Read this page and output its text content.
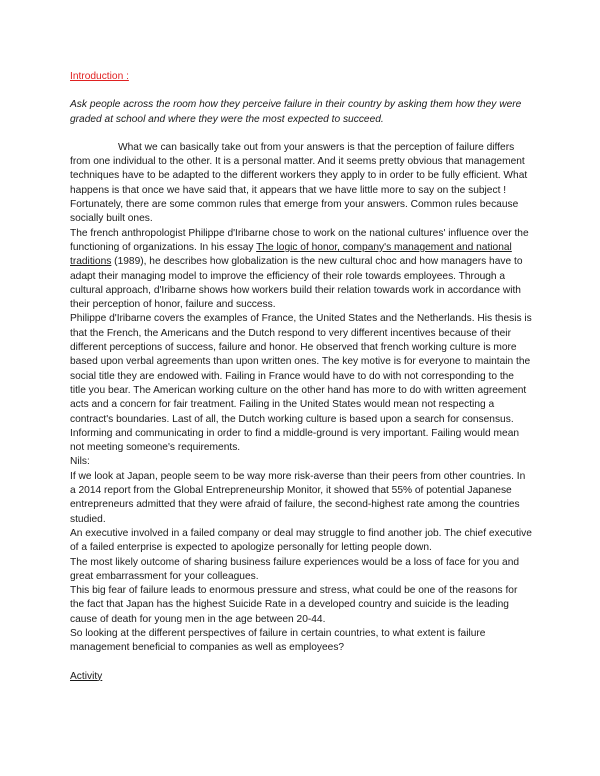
Introduction :

Ask people across the room how they perceive failure in their country by asking them how they were graded at school and where they were the most expected to succeed.

What we can basically take out from your answers is that the perception of failure differs from one individual to the other. It is a personal matter. And it seems pretty obvious that management techniques have to be adapted to the different workers they apply to in order to be fully efficient. What happens is that once we have said that, it appears that we have little more to say on the subject ! Fortunately, there are some common rules that emerge from your answers. Common rules because socially built ones.

The french anthropologist Philippe d'Iribarne chose to work on the national cultures' influence over the functioning of organizations. In his essay The logic of honor, company's management and national traditions (1989), he describes how globalization is the new cultural choc and how managers have to adapt their managing model to improve the efficiency of their role towards employees. Through a cultural approach, d'Iribarne shows how workers build their relation towards work in accordance with their perception of honor, failure and success.

Philippe d'Iribarne covers the examples of France, the United States and the Netherlands. His thesis is that the French, the Americans and the Dutch respond to very different incentives because of their different perceptions of success, failure and honor. He observed that french working culture is more based upon verbal agreements than upon written ones. The key motive is for everyone to maintain the social title they are endowed with. Failing in France would have to do with not corresponding to the title you bear. The American working culture on the other hand has more to do with written agreement acts and a concern for fair treatment. Failing in the United States would mean not respecting a contract's boundaries. Last of all, the Dutch working culture is based upon a search for consensus. Informing and communicating in order to find a middle-ground is very important. Failing would mean not meeting someone's requirements.

Nils:

If we look at Japan, people seem to be way more risk-averse than their peers from other countries. In a 2014 report from the Global Entrepreneurship Monitor, it showed that 55% of potential Japanese entrepreneurs admitted that they were afraid of failure, the second-highest rate among the countries studied.

An executive involved in a failed company or deal may struggle to find another job. The chief executive of a failed enterprise is expected to apologize personally for letting people down.

The most likely outcome of sharing business failure experiences would be a loss of face for you and great embarrassment for your colleagues.

This big fear of failure leads to enormous pressure and stress, what could be one of the reasons for the fact that Japan has the highest Suicide Rate in a developed country and suicide is the leading cause of death for young men in the age between 20-44.

So looking at the different perspectives of failure in certain countries, to what extent is failure management beneficial to companies as well as employees?

Activity
